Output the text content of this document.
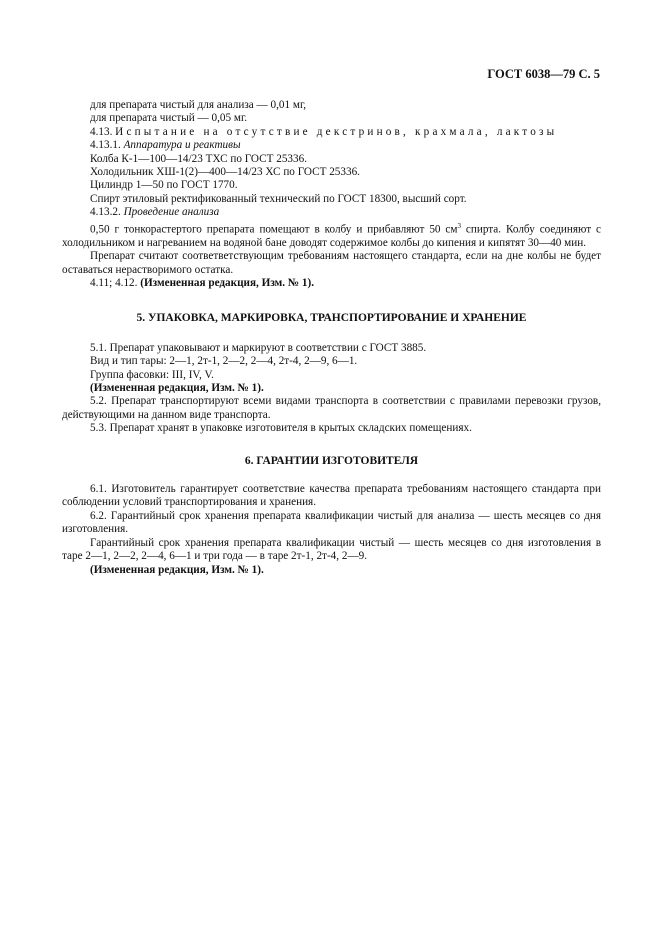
ГОСТ 6038—79 С. 5

для препарата чистый для анализа — 0,01 мг,

для препарата чистый — 0,05 мг.

4.13. Испытание на отсутствие декстринов, крахмала, лактозы

4.13.1. Аппаратура и реактивы

Колба К-1—100—14/23 ТХС по ГОСТ 25336.

Холодильник ХШ-1(2)—400—14/23 ХС по ГОСТ 25336.

Цилиндр 1—50 по ГОСТ 1770.

Спирт этиловый ректификованный технический по ГОСТ 18300, высший сорт.

4.13.2. Проведение анализа

0,50 г тонкорастертого препарата помещают в колбу и прибавляют 50 $см^3$ спирта. Колбу соединяют с холодильником и нагреванием на водяной бане доводят содержимое колбы до кипения и кипятят 30—40 мин.

Препарат считают соответветствующим требованиям настоящего стандарта, если на дне колбы не будет оставаться нерастворимого остатка.

4.11; 4.12. (Измененная редакция, Изм. № 1).

5. УПАКОВКА, МАРКИРОВКА, ТРАНСПОРТИРОВАНИЕ И ХРАНЕНИЕ

5.1. Препарат упаковывают и маркируют в соответствии с ГОСТ 3885.

Вид и тип тары: 2—1, 2т-1, 2—2, 2—4, 2т-4, 2—9, 6—1.

Группа фасовки: III, IV, V.

(Измененная редакция, Изм. № 1).

5.2. Препарат транспортируют всеми видами транспорта в соответствии с правилами перевозки грузов, действующими на данном виде транспорта.

5.3. Препарат хранят в упаковке изготовителя в крытых складских помещениях.

6. ГАРАНТИИ ИЗГОТОВИТЕЛЯ

6.1. Изготовитель гарантирует соответствие качества препарата требованиям настоящего стандарта при соблюдении условий транспортирования и хранения.

6.2. Гарантийный срок хранения препарата квалификации чистый для анализа — шесть месяцев со дня изготовления.

Гарантийный срок хранения препарата квалификации чистый — шесть месяцев со дня изготовления в таре 2—1, 2—2, 2—4, 6—1 и три года — в таре 2т-1, 2т-4, 2—9.

(Измененная редакция, Изм. № 1).
